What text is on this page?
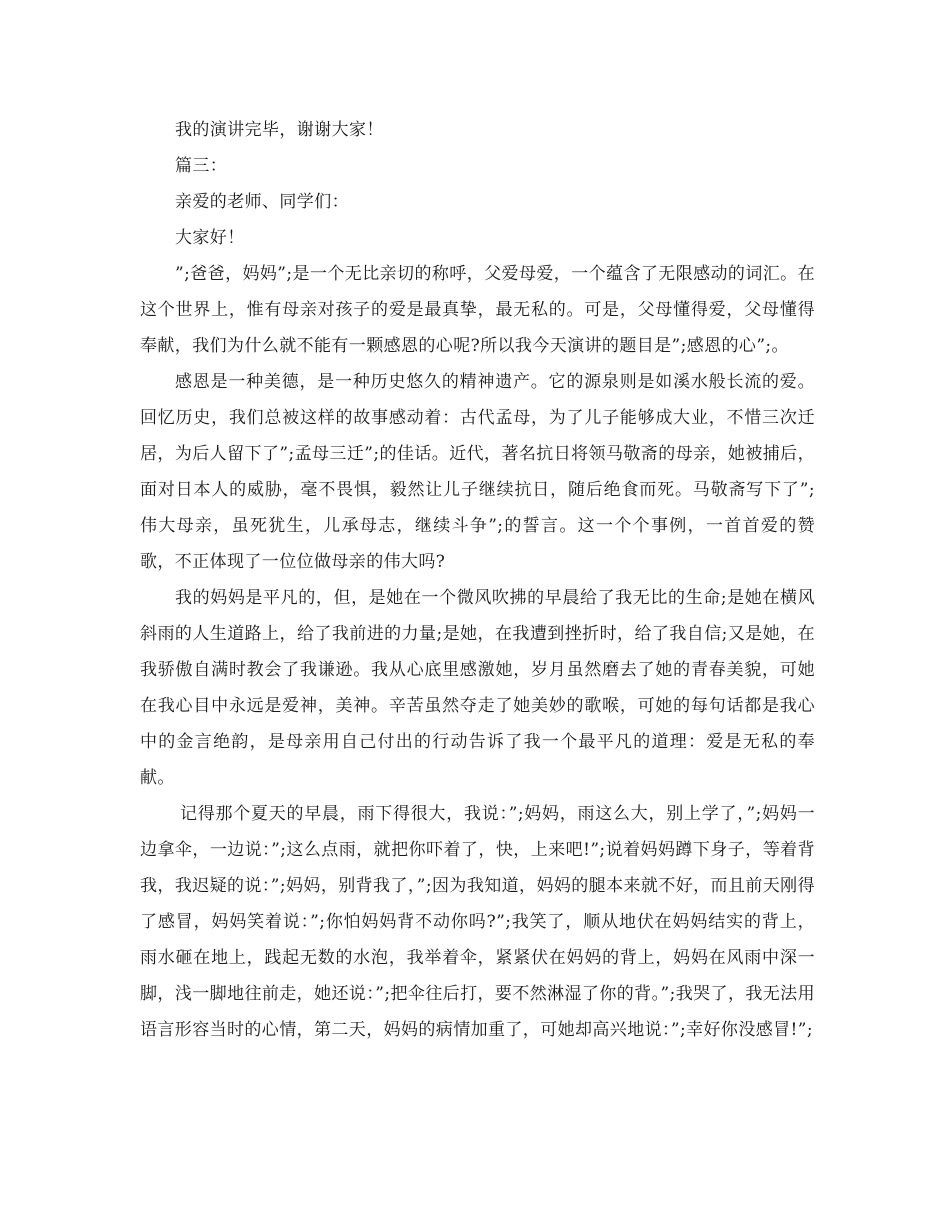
我的演讲完毕，谢谢大家！

篇三：

亲爱的老师、同学们：

大家好！

”;爸爸，妈妈”;是一个无比亲切的称呼，父爱母爱，一个蕴含了无限感动的词汇。在这个世界上，惟有母亲对孩子的爱是最真挚，最无私的。可是，父母懂得爱，父母懂得奉献，我们为什么就不能有一颗感恩的心呢?所以我今天演讲的题目是”;感恩的心”;。

感恩是一种美德，是一种历史悠久的精神遗产。它的源泉则是如溪水般长流的爱。回忆历史，我们总被这样的故事感动着：古代孟母，为了儿子能够成大业，不惜三次迁居，为后人留下了”;孟母三迁”;的佳话。近代，著名抗日将领马敬斋的母亲，她被捕后，面对日本人的威胁，毫不畏惧，毅然让儿子继续抗日，随后绝食而死。马敬斋写下了”;伟大母亲，虽死犹生，儿承母志，继续斗争”;的誓言。这一个个事例，一首首爱的赞歌，不正体现了一位位做母亲的伟大吗?

我的妈妈是平凡的，但，是她在一个微风吹拂的早晨给了我无比的生命;是她在横风斜雨的人生道路上，给了我前进的力量;是她，在我遭到挫折时，给了我自信;又是她，在我骄傲自满时教会了我谦逊。我从心底里感激她，岁月虽然磨去了她的青春美貌，可她在我心目中永远是爱神，美神。辛苦虽然夺走了她美妙的歌喉，可她的每句话都是我心中的金言绝韵，是母亲用自己付出的行动告诉了我一个最平凡的道理：爱是无私的奉献。

记得那个夏天的早晨，雨下得很大，我说：”;妈妈，雨这么大，别上学了，”;妈妈一边拿伞，一边说：”;这么点雨，就把你吓着了，快，上来吧!”;说着妈妈蹲下身子，等着背我，我迟疑的说：”;妈妈，别背我了，”;因为我知道，妈妈的腿本来就不好，而且前天刚得了感冒，妈妈笑着说：”;你怕妈妈背不动你吗?”;我笑了，顺从地伏在妈妈结实的背上，雨水砸在地上，践起无数的水泡，我举着伞，紧紧伏在妈妈的背上，妈妈在风雨中深一脚，浅一脚地往前走，她还说：”;把伞往后打，要不然淋湿了你的背。”;我哭了，我无法用语言形容当时的心情，第二天，妈妈的病情加重了，可她却高兴地说：”;幸好你没感冒!”;
